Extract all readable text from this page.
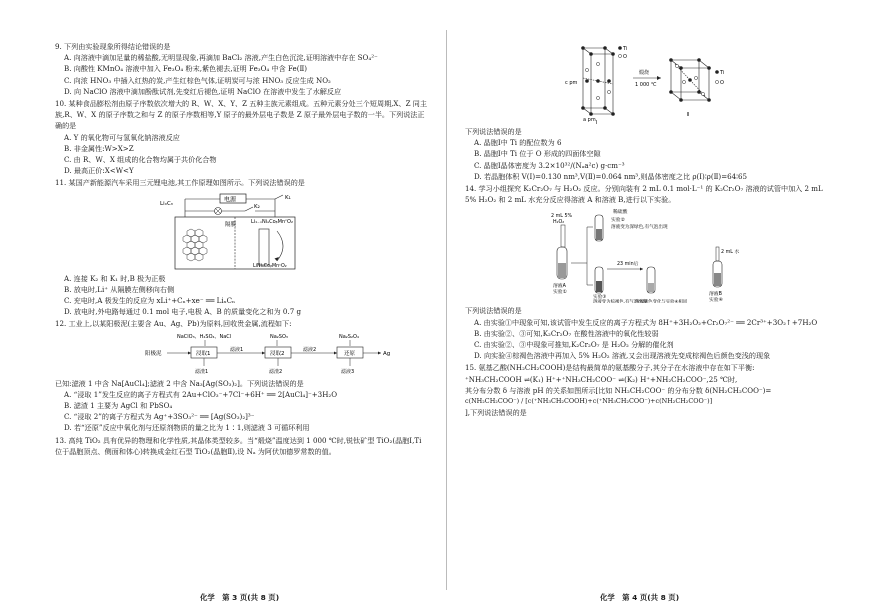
9. 下列由实验现象所得结论错误的是
A. 向溶液中滴加足量的稀盐酸,无明显现象,再滴加 BaCl₂ 溶液,产生白色沉淀,证明溶液中存在 SO₄²⁻
B. 向酸性 KMnO₄ 溶液中加入 Fe₃O₄ 粉末,紫色褪去,证明 Fe₃O₄ 中含 Fe(Ⅱ)
C. 向浓 HNO₃ 中插入红热的炭,产生红棕色气体,证明炭可与浓 HNO₃ 反应生成 NO₂
D. 向 NaClO 溶液中滴加酚酞试剂,先变红后褪色,证明 NaClO 在溶液中发生了水解反应
10. 某种食品膨松剂由原子序数依次增大的 R、W、X、Y、Z 五种主族元素组成。五种元素分处三个短周期,X、Z 同主族,R、W、X 的原子序数之和与 Z 的原子序数相等,Y 原子的最外层电子数是 Z 原子最外层电子数的一半。下列说法正确的是
A. Y 的氧化物可与氢氧化钠溶液反应
B. 非金属性:W>X>Z
C. 由 R、W、X 组成的化合物均属于共价化合物
D. 最高正价:X<W<Y
11. 某国产新能源汽车采用三元锂电池,其工作原理如图所示。下列说法错误的是
电源	K₁
K₂
隔膜
LiₓCₙ
Li₁₋ₓNiₐCoᵦMnᶜO₂
LiNiₐCoᵦMnᶜO₂
A. 连接 K₂ 和 K₁ 时,B 极为正极
B. 放电时,Li⁺ 从隔膜左侧移向右侧
C. 充电时,A 极发生的反应为 xLi⁺+Cₙ+xe⁻ ══ LiₓCₙ
D. 放电时,外电路每通过 0.1 mol 电子,电极 A、B 的质量变化之和为 0.7 g
12. 工业上,以某阳极泥(主要含 Au、Ag、Pb)为原料,回收贵金属,流程如下:
NaClO₃、H₂SO₄、NaCl
阳极泥	浸取1
滤液1
滤渣1
Na₂SO₃
浸取2
滤液2
滤渣2
Na₂S₂O₄
还原	Ag
滤液3
已知:滤液 1 中含 Na[AuCl₄];滤液 2 中含 Na₃[Ag(SO₃)₂]。下列说法错误的是
A. “浸取 1”发生反应的离子方程式有 2Au+ClO₃⁻+7Cl⁻+6H⁺ ══ 2[AuCl₄]⁻+3H₂O
B. 滤渣 1 主要为 AgCl 和 PbSO₄
C. “浸取 2”的离子方程式为 Ag⁺+3SO₃²⁻ ══ [Ag(SO₃)₂]³⁻
D. 若“还原”反应中氧化剂与还原剂物质的量之比为 1∶1,则滤液 3 可循环利用
13. 高纯 TiO₂ 具有优异的物理和化学性质,其晶体类型较多。当“煅烧”温度达到 1 000 ℃时,锐钛矿型 TiO₂(晶胞Ⅰ,Ti 位于晶胞顶点、侧面和体心)转换成金红石型 TiO₂(晶胞Ⅱ),设 Nₐ 为阿伏加德罗常数的值。
化学　第 3 页(共 8 页)
Ti
O
c pm
a pm Ⅰ
煅烧
1 000 ℃
Ti
O
Ⅱ
下列说法错误的是
A. 晶胞Ⅰ中 Ti 的配位数为 6
B. 晶胞Ⅰ中 Ti 位于 O 形成的四面体空隙
C. 晶胞Ⅰ晶体密度为 3.2×10³²/(Nₐa²c) g·cm⁻³
D. 若晶胞体积 V(Ⅰ)=0.130 nm³,V(Ⅱ)=0.064 nm³,则晶体密度之比 ρ(Ⅰ)∶ρ(Ⅱ)=64∶65
14. 学习小组探究 K₂Cr₂O₇ 与 H₂O₂ 反应。分别向装有 2 mL 0.1 mol·L⁻¹ 的 K₂Cr₂O₇ 溶液的试管中加入 2 mL 5% H₂O₂ 和 2 mL 水充分反应得溶液 A 和溶液 B,进行以下实验。
2 mL 5%
H₂O₂
溶液A
实验①
稀硫酸
实验②
溶液变为深绿色,有气泡出现
23 min后
实验③
溶液变为棕褐色,有气泡出现
溶液颜色变化与实验④相同
2 mL 水
溶液B
实验④
下列说法错误的是
A. 由实验①中现象可知,该试管中发生反应的离子方程式为 8H⁺+3H₂O₂+Cr₂O₇²⁻ ══ 2Cr³⁺+3O₂↑+7H₂O
B. 由实验②、③可知,K₂Cr₂O₇ 在酸性溶液中的氧化性较弱
C. 由实验②、③中现象可推知,K₂Cr₂O₇ 是 H₂O₂ 分解的催化剂
D. 向实验④棕褐色溶液中再加入 5% H₂O₂ 溶液,又会出现溶液先变成棕褐色后颜色变浅的现象
15. 氨基乙酸(NH₂CH₂COOH)是结构最简单的氨基酸分子,其分子在水溶液中存在如下平衡:
⁺NH₃CH₂COOH ⇌(K₁) H⁺+⁺NH₃CH₂COO⁻ ⇌(K₂) H⁺+NH₂CH₂COO⁻,25 ℃时,
其分布分数 δ 与溶液 pH 的关系如图所示[比如 NH₂CH₂COO⁻ 的分布分数 δ(NH₂CH₂COO⁻)=
c(NH₂CH₂COO⁻) / [c(⁺NH₃CH₂COOH)+c(⁺NH₃CH₂COO⁻)+c(NH₂CH₂COO⁻)]
],下列说法错误的是
化学　第 4 页(共 8 页)
